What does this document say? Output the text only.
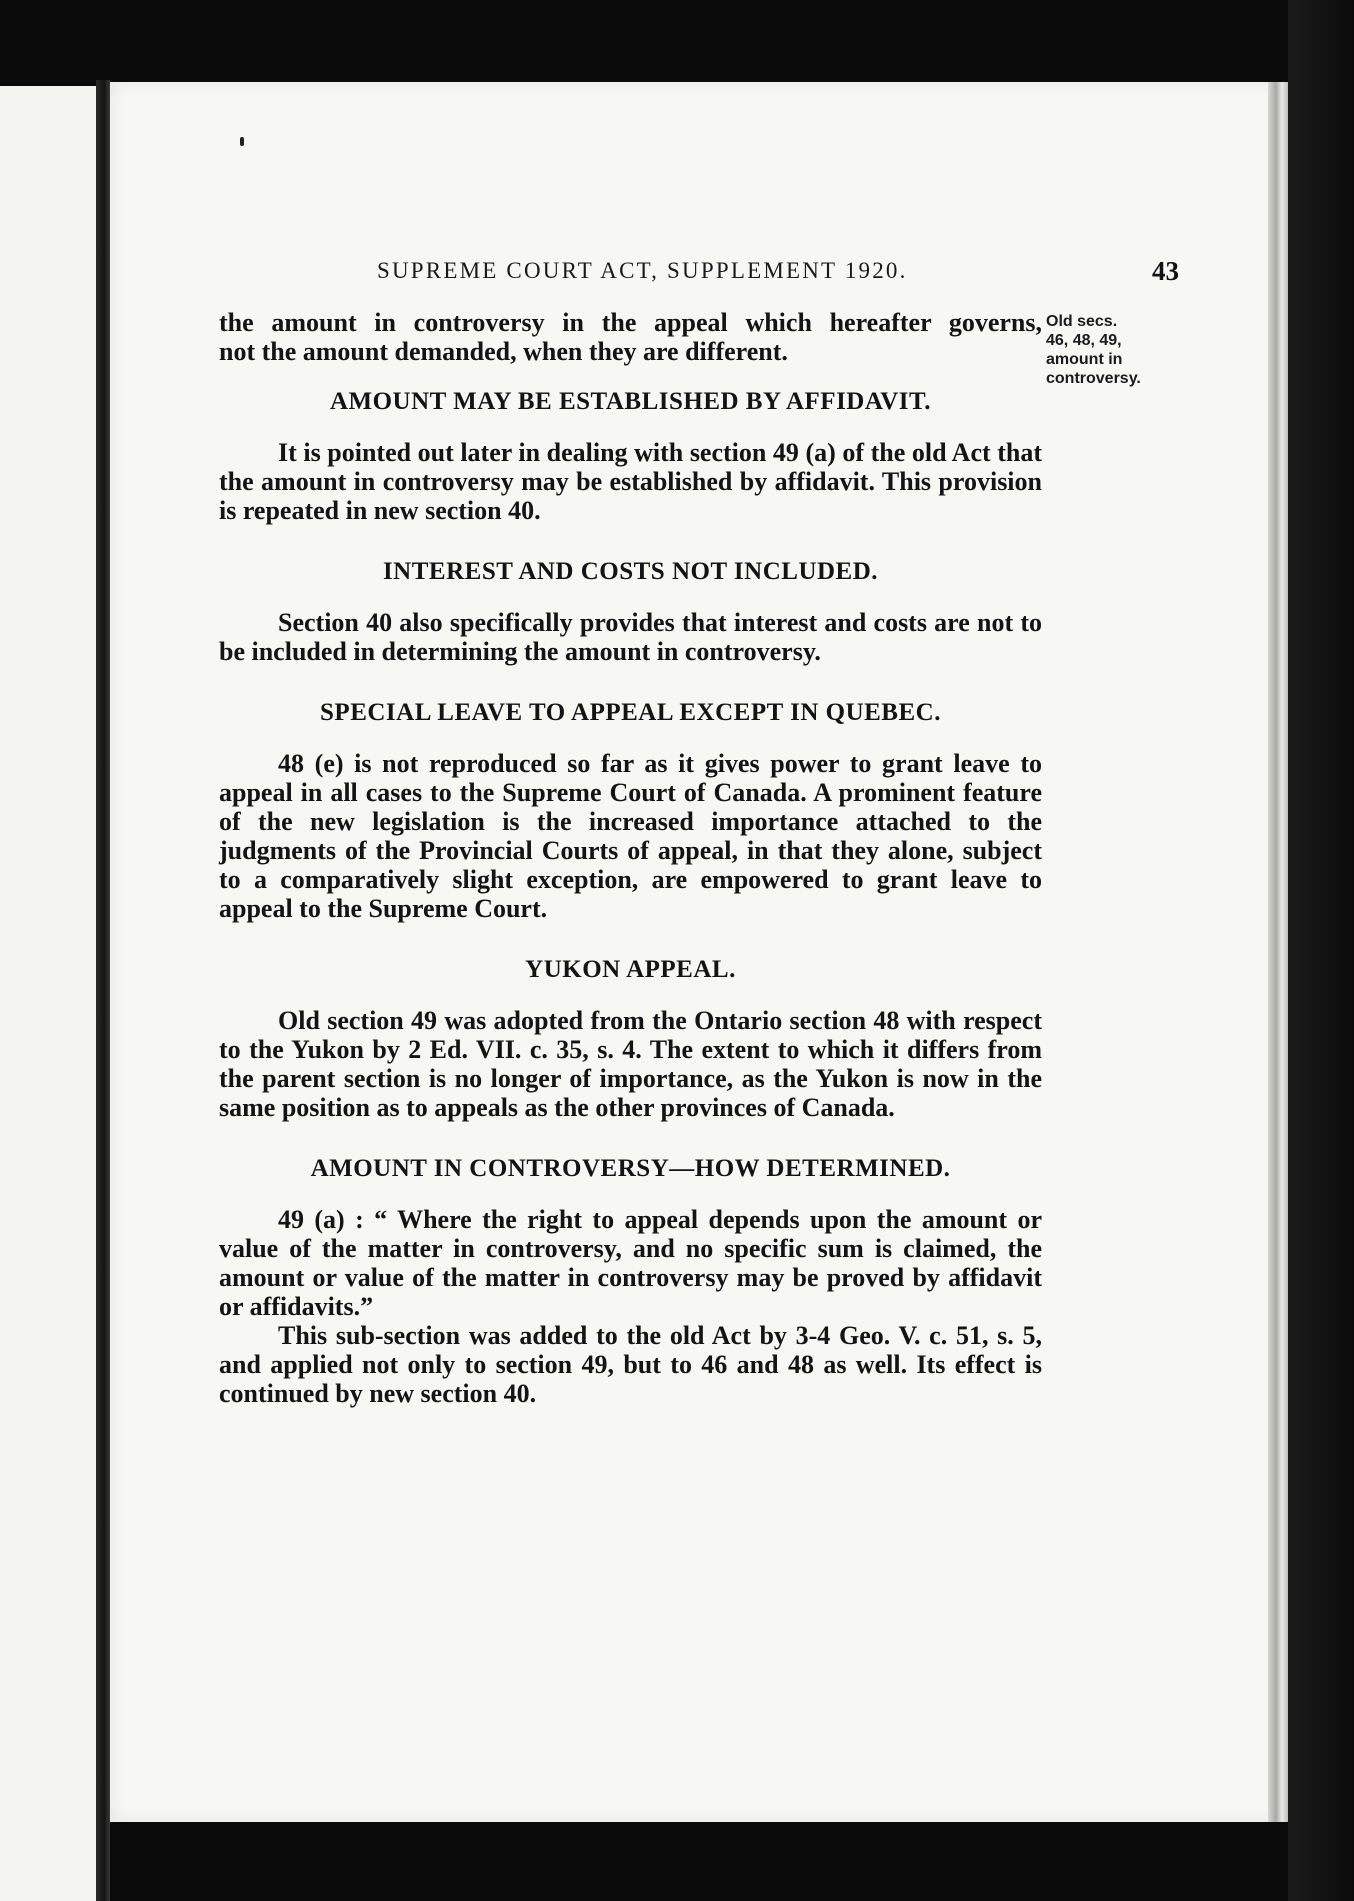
SUPREME COURT ACT, SUPPLEMENT 1920.	43
Old secs.
46, 48, 49,
amount in
controversy.

the amount in controversy in the appeal which hereafter governs,

not the amount demanded, when they are different.

AMOUNT MAY BE ESTABLISHED BY AFFIDAVIT.

It is pointed out later in dealing with section 49 (a) of the old Act that the amount in controversy may be established by affidavit. This provision is repeated in new section 40.

INTEREST AND COSTS NOT INCLUDED.

Section 40 also specifically provides that interest and costs are not to be included in determining the amount in controversy.

SPECIAL LEAVE TO APPEAL EXCEPT IN QUEBEC.

48 (e) is not reproduced so far as it gives power to grant leave to appeal in all cases to the Supreme Court of Canada. A prominent feature of the new legislation is the increased importance attached to the judgments of the Provincial Courts of appeal, in that they alone, subject to a comparatively slight exception, are empowered to grant leave to appeal to the Supreme Court.

YUKON APPEAL.

Old section 49 was adopted from the Ontario section 48 with respect to the Yukon by 2 Ed. VII. c. 35, s. 4. The extent to which it differs from the parent section is no longer of importance, as the Yukon is now in the same position as to appeals as the other provinces of Canada.

AMOUNT IN CONTROVERSY—HOW DETERMINED.

49 (a) : “ Where the right to appeal depends upon the amount or value of the matter in controversy, and no specific sum is claimed, the amount or value of the matter in controversy may be proved by affidavit or affidavits.”

This sub-section was added to the old Act by 3-4 Geo. V. c. 51, s. 5, and applied not only to section 49, but to 46 and 48 as well. Its effect is continued by new section 40.
